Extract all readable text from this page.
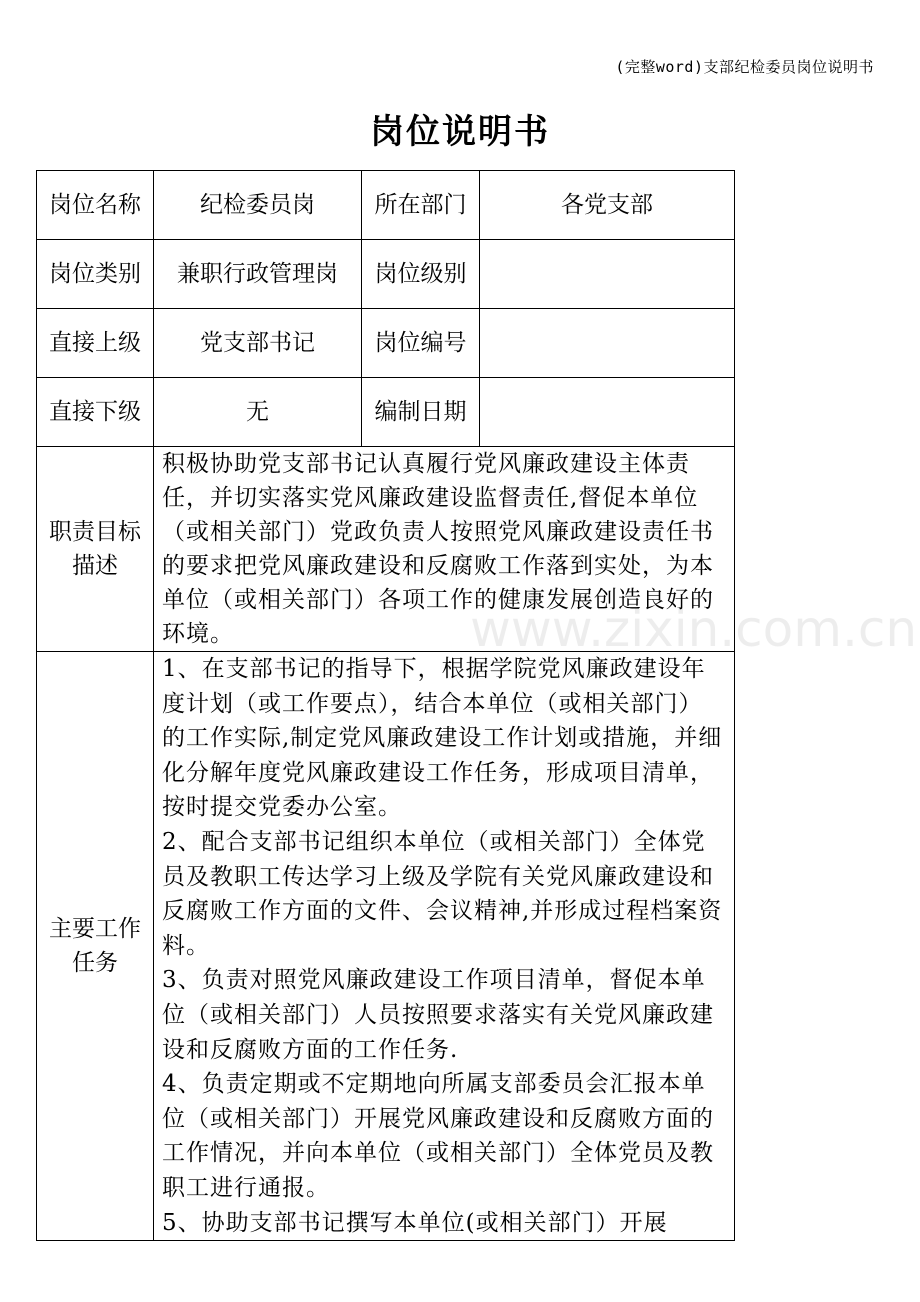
(完整word)支部纪检委员岗位说明书
岗位说明书
岗位名称	纪检委员岗	所在部门	各党支部
岗位类别	兼职行政管理岗	岗位级别	
直接上级	党支部书记	岗位编号	
直接下级	无	编制日期	
职责目标描述	积极协助党支部书记认真履行党风廉政建设主体责任，并切实落实党风廉政建设监督责任,督促本单位（或相关部门）党政负责人按照党风廉政建设责任书的要求把党风廉政建设和反腐败工作落到实处，为本单位（或相关部门）各项工作的健康发展创造良好的环境。		
主要工作任务	1、在支部书记的指导下，根据学院党风廉政建设年度计划（或工作要点），结合本单位（或相关部门）的工作实际,制定党风廉政建设工作计划或措施，并细化分解年度党风廉政建设工作任务，形成项目清单，按时提交党委办公室。

2、配合支部书记组织本单位（或相关部门）全体党员及教职工传达学习上级及学院有关党风廉政建设和反腐败工作方面的文件、会议精神,并形成过程档案资料。

3、负责对照党风廉政建设工作项目清单，督促本单位（或相关部门）人员按照要求落实有关党风廉政建设和反腐败方面的工作任务.

4、负责定期或不定期地向所属支部委员会汇报本单位（或相关部门）开展党风廉政建设和反腐败方面的工作情况，并向本单位（或相关部门）全体党员及教职工进行通报。

5、协助支部书记撰写本单位(或相关部门）开展		

www.zixin.com.cn
